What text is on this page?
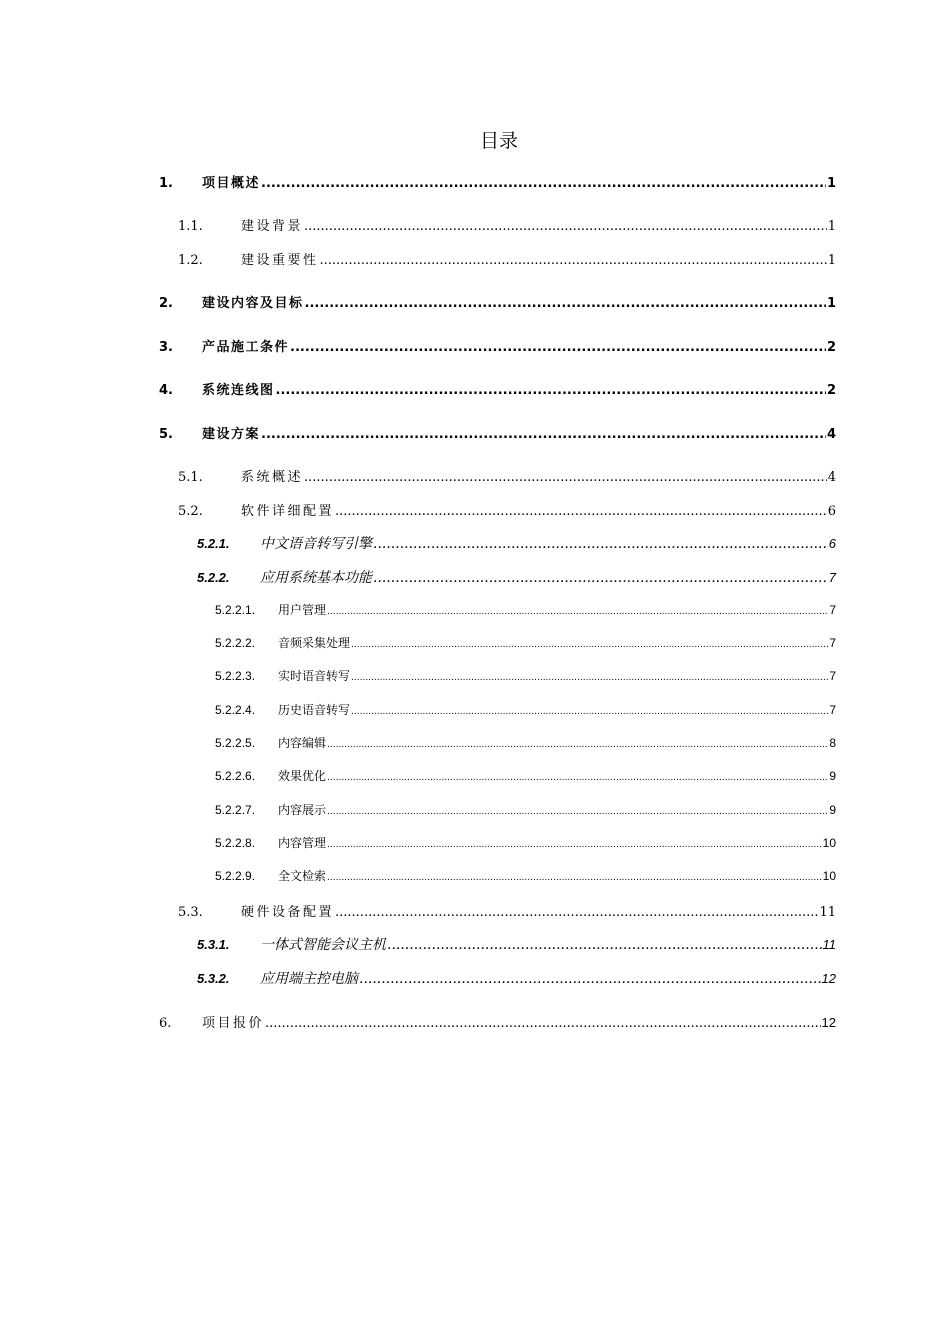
目录
1.	项目概述 .....	1
1.1.	建设背景 .....	1
1.2.	建设重要性 .....	1
2.	建设内容及目标 .....	1
3.	产品施工条件 .....	2
4.	系统连线图 .....	2
5.	建设方案 .....	4
5.1.	系统概述 .....	4
5.2.	软件详细配置 .....	6
5.2.1.	中文语音转写引擎 .....	6
5.2.2.	应用系统基本功能 .....	7
5.2.2.1.	用户管理 .....	7
5.2.2.2.	音频采集处理 .....	7
5.2.2.3.	实时语音转写 .....	7
5.2.2.4.	历史语音转写 .....	7
5.2.2.5.	内容编辑 .....	8
5.2.2.6.	效果优化 .....	9
5.2.2.7.	内容展示 .....	9
5.2.2.8.	内容管理 .....	10
5.2.2.9.	全文检索 .....	10
5.3.	硬件设备配置 .....	11
5.3.1.	一体式智能会议主机 .....	11
5.3.2.	应用端主控电脑 .....	12
6.	项目报价 .....	12
